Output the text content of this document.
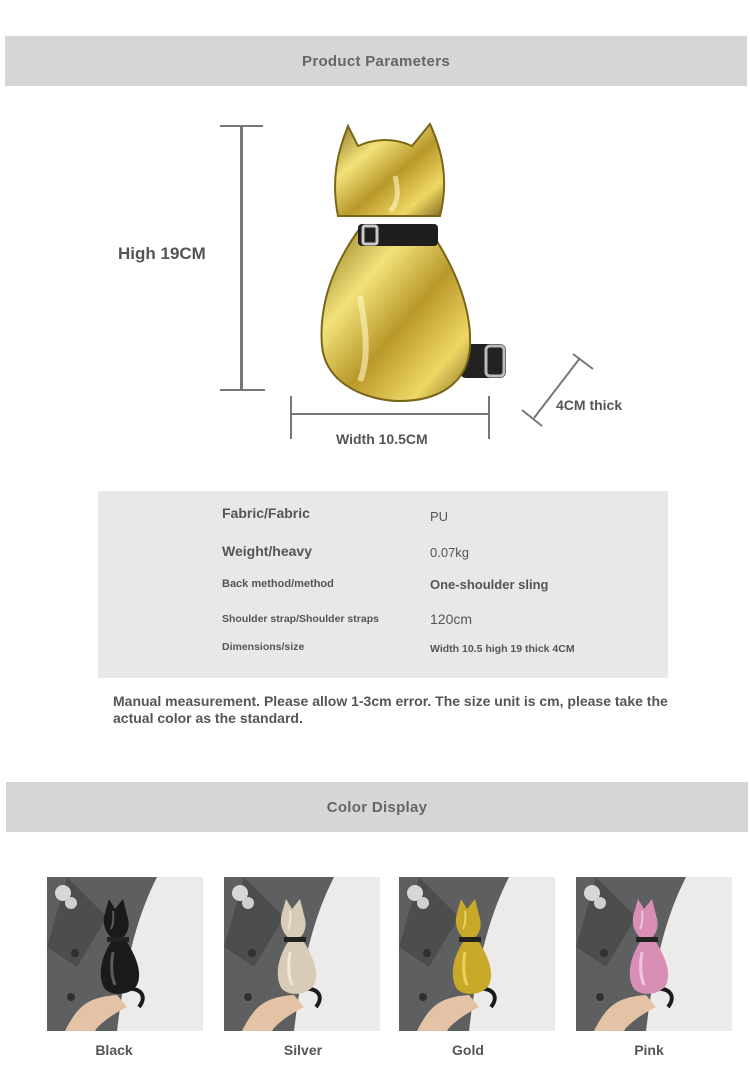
Product Parameters
High 19CM
Width 10.5CM
4CM thick
Fabric/Fabric	PU
Weight/heavy	0.07kg
Back method/method	One-shoulder sling
Shoulder strap/Shoulder straps	120cm
Dimensions/size	Width 10.5 high 19 thick 4CM
Manual measurement. Please allow 1-3cm error. The size unit is cm, please take the actual color as the standard.
Color Display
Black	Silver	Gold	Pink
